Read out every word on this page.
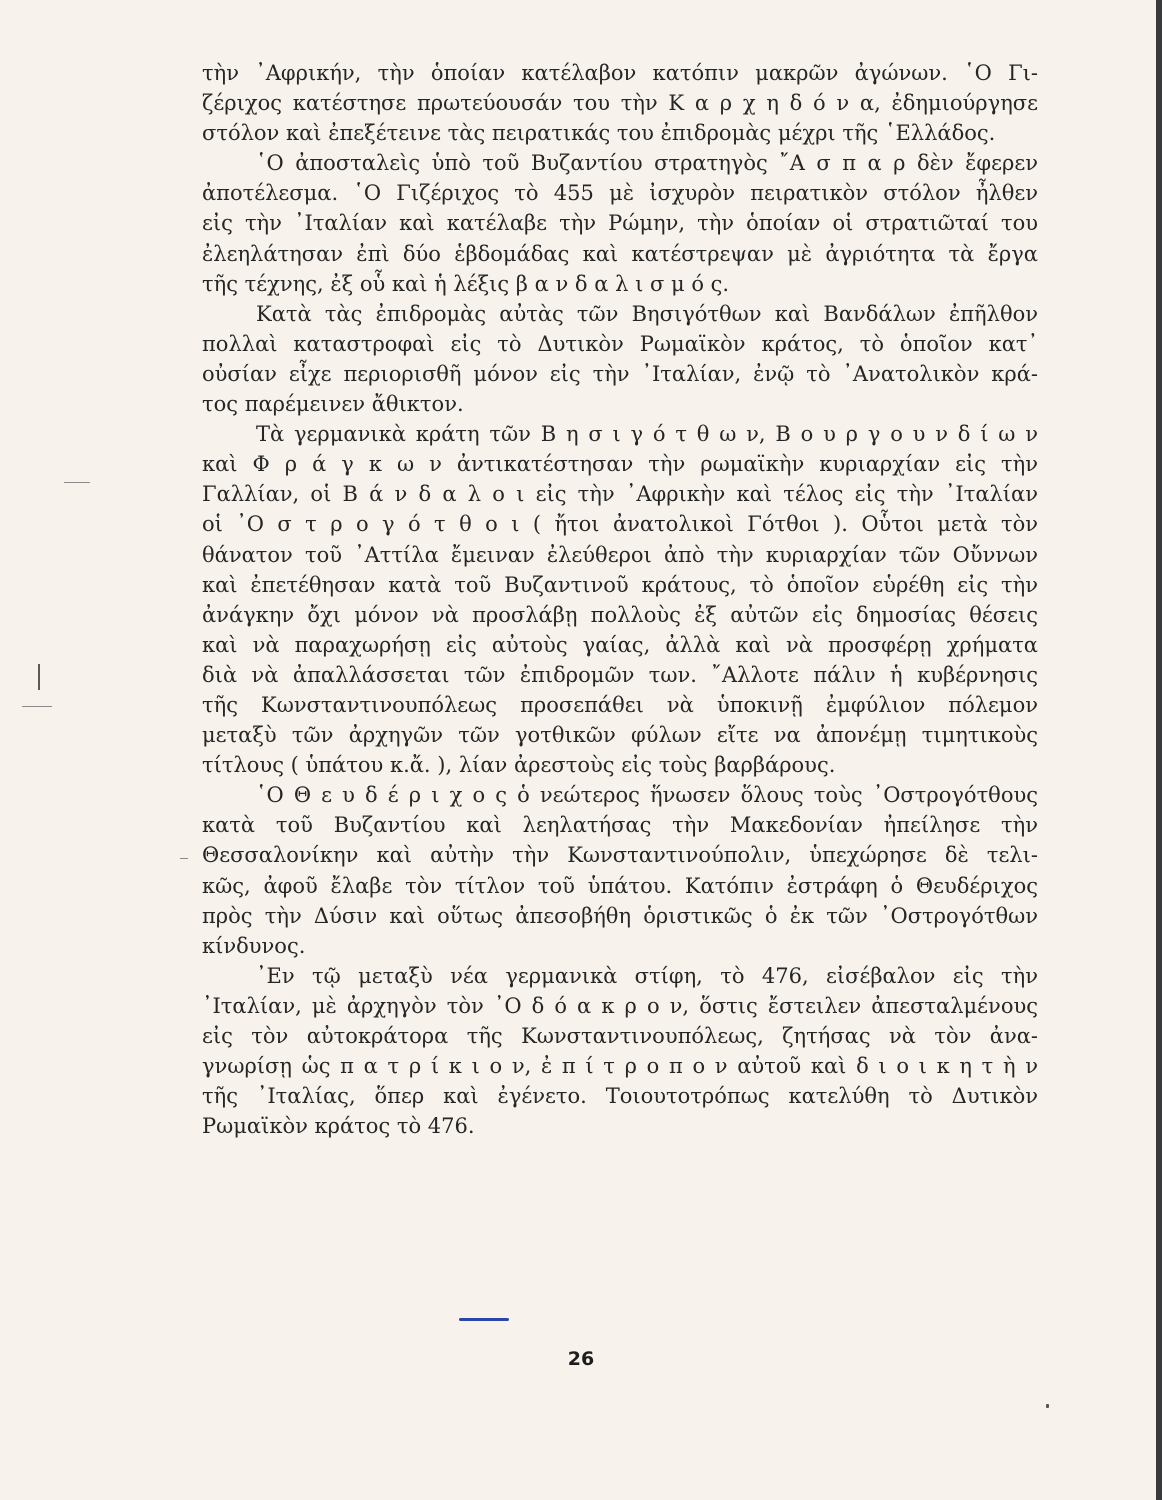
τὴν ᾿Αφρικήν, τὴν ὁποίαν κατέλαβον κατόπιν μακρῶν ἀγώνων. ῾Ο Γι-
ζέριχος κατέστησε πρωτεύουσάν του τὴν Κ α ρ χ η δ ό ν α, ἐδημιούργησε
στόλον καὶ ἐπεξέτεινε τὰς πειρατικάς του ἐπιδρομὰς μέχρι τῆς ῾Ελλάδος.
῾Ο ἀποσταλεὶς ὑπὸ τοῦ Βυζαντίου στρατηγὸς ῎Α σ π α ρ δὲν ἔφερεν
ἀποτέλεσμα. ῾Ο Γιζέριχος τὸ 455 μὲ ἰσχυρὸν πειρατικὸν στόλον ἦλθεν
εἰς τὴν ᾿Ιταλίαν καὶ κατέλαβε τὴν Ρώμην, τὴν ὁποίαν οἱ στρατιῶταί του
ἐλεηλάτησαν ἐπὶ δύο ἑβδομάδας καὶ κατέστρεψαν μὲ ἀγριότητα τὰ ἔργα
τῆς τέχνης, ἐξ οὗ καὶ ἡ λέξις β α ν δ α λ ι σ μ ό ς.
Κατὰ τὰς ἐπιδρομὰς αὐτὰς τῶν Βησιγότθων καὶ Βανδάλων ἐπῆλθον
πολλαὶ καταστροφαὶ εἰς τὸ Δυτικὸν Ρωμαϊκὸν κράτος, τὸ ὁποῖον κατ᾿
οὐσίαν εἶχε περιορισθῆ μόνον εἰς τὴν ᾿Ιταλίαν, ἐνῷ τὸ ᾿Ανατολικὸν κρά-
τος παρέμεινεν ἄθικτον.
Τὰ γερμανικὰ κράτη τῶν Β η σ ι γ ό τ θ ω ν, Β ο υ ρ γ ο υ ν δ ί ω ν
καὶ Φ ρ ά γ κ ω ν ἀντικατέστησαν τὴν ρωμαϊκὴν κυριαρχίαν εἰς τὴν
Γαλλίαν, οἱ Β ά ν δ α λ ο ι εἰς τὴν ᾿Αφρικὴν καὶ τέλος εἰς τὴν ᾿Ιταλίαν
οἱ ᾿Ο σ τ ρ ο γ ό τ θ ο ι ( ἤτοι ἀνατολικοὶ Γότθοι ). Οὗτοι μετὰ τὸν
θάνατον τοῦ ᾿Αττίλα ἔμειναν ἐλεύθεροι ἀπὸ τὴν κυριαρχίαν τῶν Οὔννων
καὶ ἐπετέθησαν κατὰ τοῦ Βυζαντινοῦ κράτους, τὸ ὁποῖον εὑρέθη εἰς τὴν
ἀνάγκην ὄχι μόνον νὰ προσλάβῃ πολλοὺς ἐξ αὐτῶν εἰς δημοσίας θέσεις
καὶ νὰ παραχωρήσῃ εἰς αὐτοὺς γαίας, ἀλλὰ καὶ νὰ προσφέρῃ χρήματα
διὰ νὰ ἀπαλλάσσεται τῶν ἐπιδρομῶν των. ῎Αλλοτε πάλιν ἡ κυβέρνησις
τῆς Κωνσταντινουπόλεως προσεπάθει νὰ ὑποκινῇ ἐμφύλιον πόλεμον
μεταξὺ τῶν ἀρχηγῶν τῶν γοτθικῶν φύλων εἴτε να ἀπονέμῃ τιμητικοὺς
τίτλους ( ὑπάτου κ.ἄ. ), λίαν ἀρεστοὺς εἰς τοὺς βαρβάρους.
῾Ο Θ ε υ δ έ ρ ι χ ο ς ὁ νεώτερος ἥνωσεν ὅλους τοὺς ᾿Οστρογότθους
κατὰ τοῦ Βυζαντίου καὶ λεηλατήσας τὴν Μακεδονίαν ἠπείλησε τὴν
Θεσσαλονίκην καὶ αὐτὴν τὴν Κωνσταντινούπολιν, ὑπεχώρησε δὲ τελι-
κῶς, ἀφοῦ ἔλαβε τὸν τίτλον τοῦ ὑπάτου. Κατόπιν ἐστράφη ὁ Θευδέριχος
πρὸς τὴν Δύσιν καὶ οὕτως ἀπεσοβήθη ὁριστικῶς ὁ ἐκ τῶν ᾿Οστρογότθων
κίνδυνος.
᾿Εν τῷ μεταξὺ νέα γερμανικὰ στίφη, τὸ 476, εἰσέβαλον εἰς τὴν
᾿Ιταλίαν, μὲ ἀρχηγὸν τὸν ᾿Ο δ ό α κ ρ ο ν, ὅστις ἔστειλεν ἀπεσταλμένους
εἰς τὸν αὐτοκράτορα τῆς Κωνσταντινουπόλεως, ζητήσας νὰ τὸν ἀνα-
γνωρίσῃ ὡς π α τ ρ ί κ ι ο ν, ἐ π ί τ ρ ο π ο ν αὐτοῦ καὶ δ ι ο ι κ η τ ὴ ν
τῆς ᾿Ιταλίας, ὅπερ καὶ ἐγένετο. Τοιουτοτρόπως κατελύθη τὸ Δυτικὸν
Ρωμαϊκὸν κράτος τὸ 476.
26
